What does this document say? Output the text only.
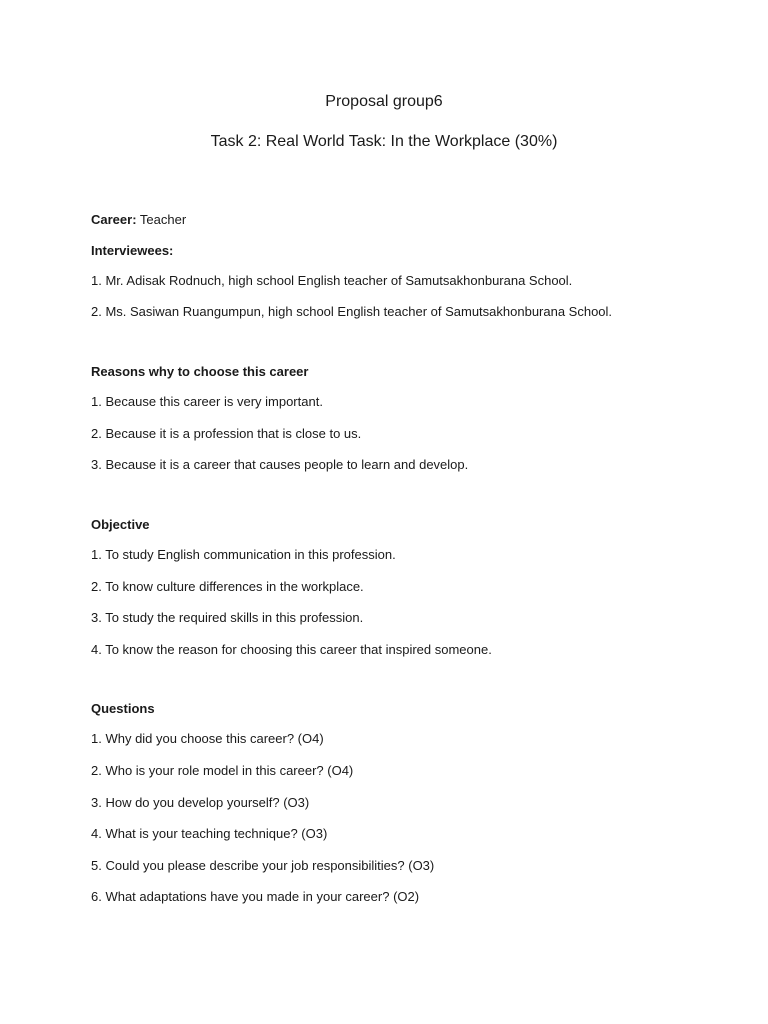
Proposal group6
Task 2: Real World Task: In the Workplace (30%)

Career: Teacher

Interviewees:

1. Mr. Adisak Rodnuch, high school English teacher of Samutsakhonburana School.

2. Ms. Sasiwan Ruangumpun, high school English teacher of Samutsakhonburana School.

Reasons why to choose this career

1. Because this career is very important.

2. Because it is a profession that is close to us.

3. Because it is a career that causes people to learn and develop.

Objective

1. To study English communication in this profession.

2. To know culture differences in the workplace.

3. To study the required skills in this profession.

4. To know the reason for choosing this career that inspired someone.

Questions

1. Why did you choose this career? (O4)

2. Who is your role model in this career? (O4)

3. How do you develop yourself? (O3)

4. What is your teaching technique? (O3)

5. Could you please describe your job responsibilities? (O3)

6. What adaptations have you made in your career? (O2)
